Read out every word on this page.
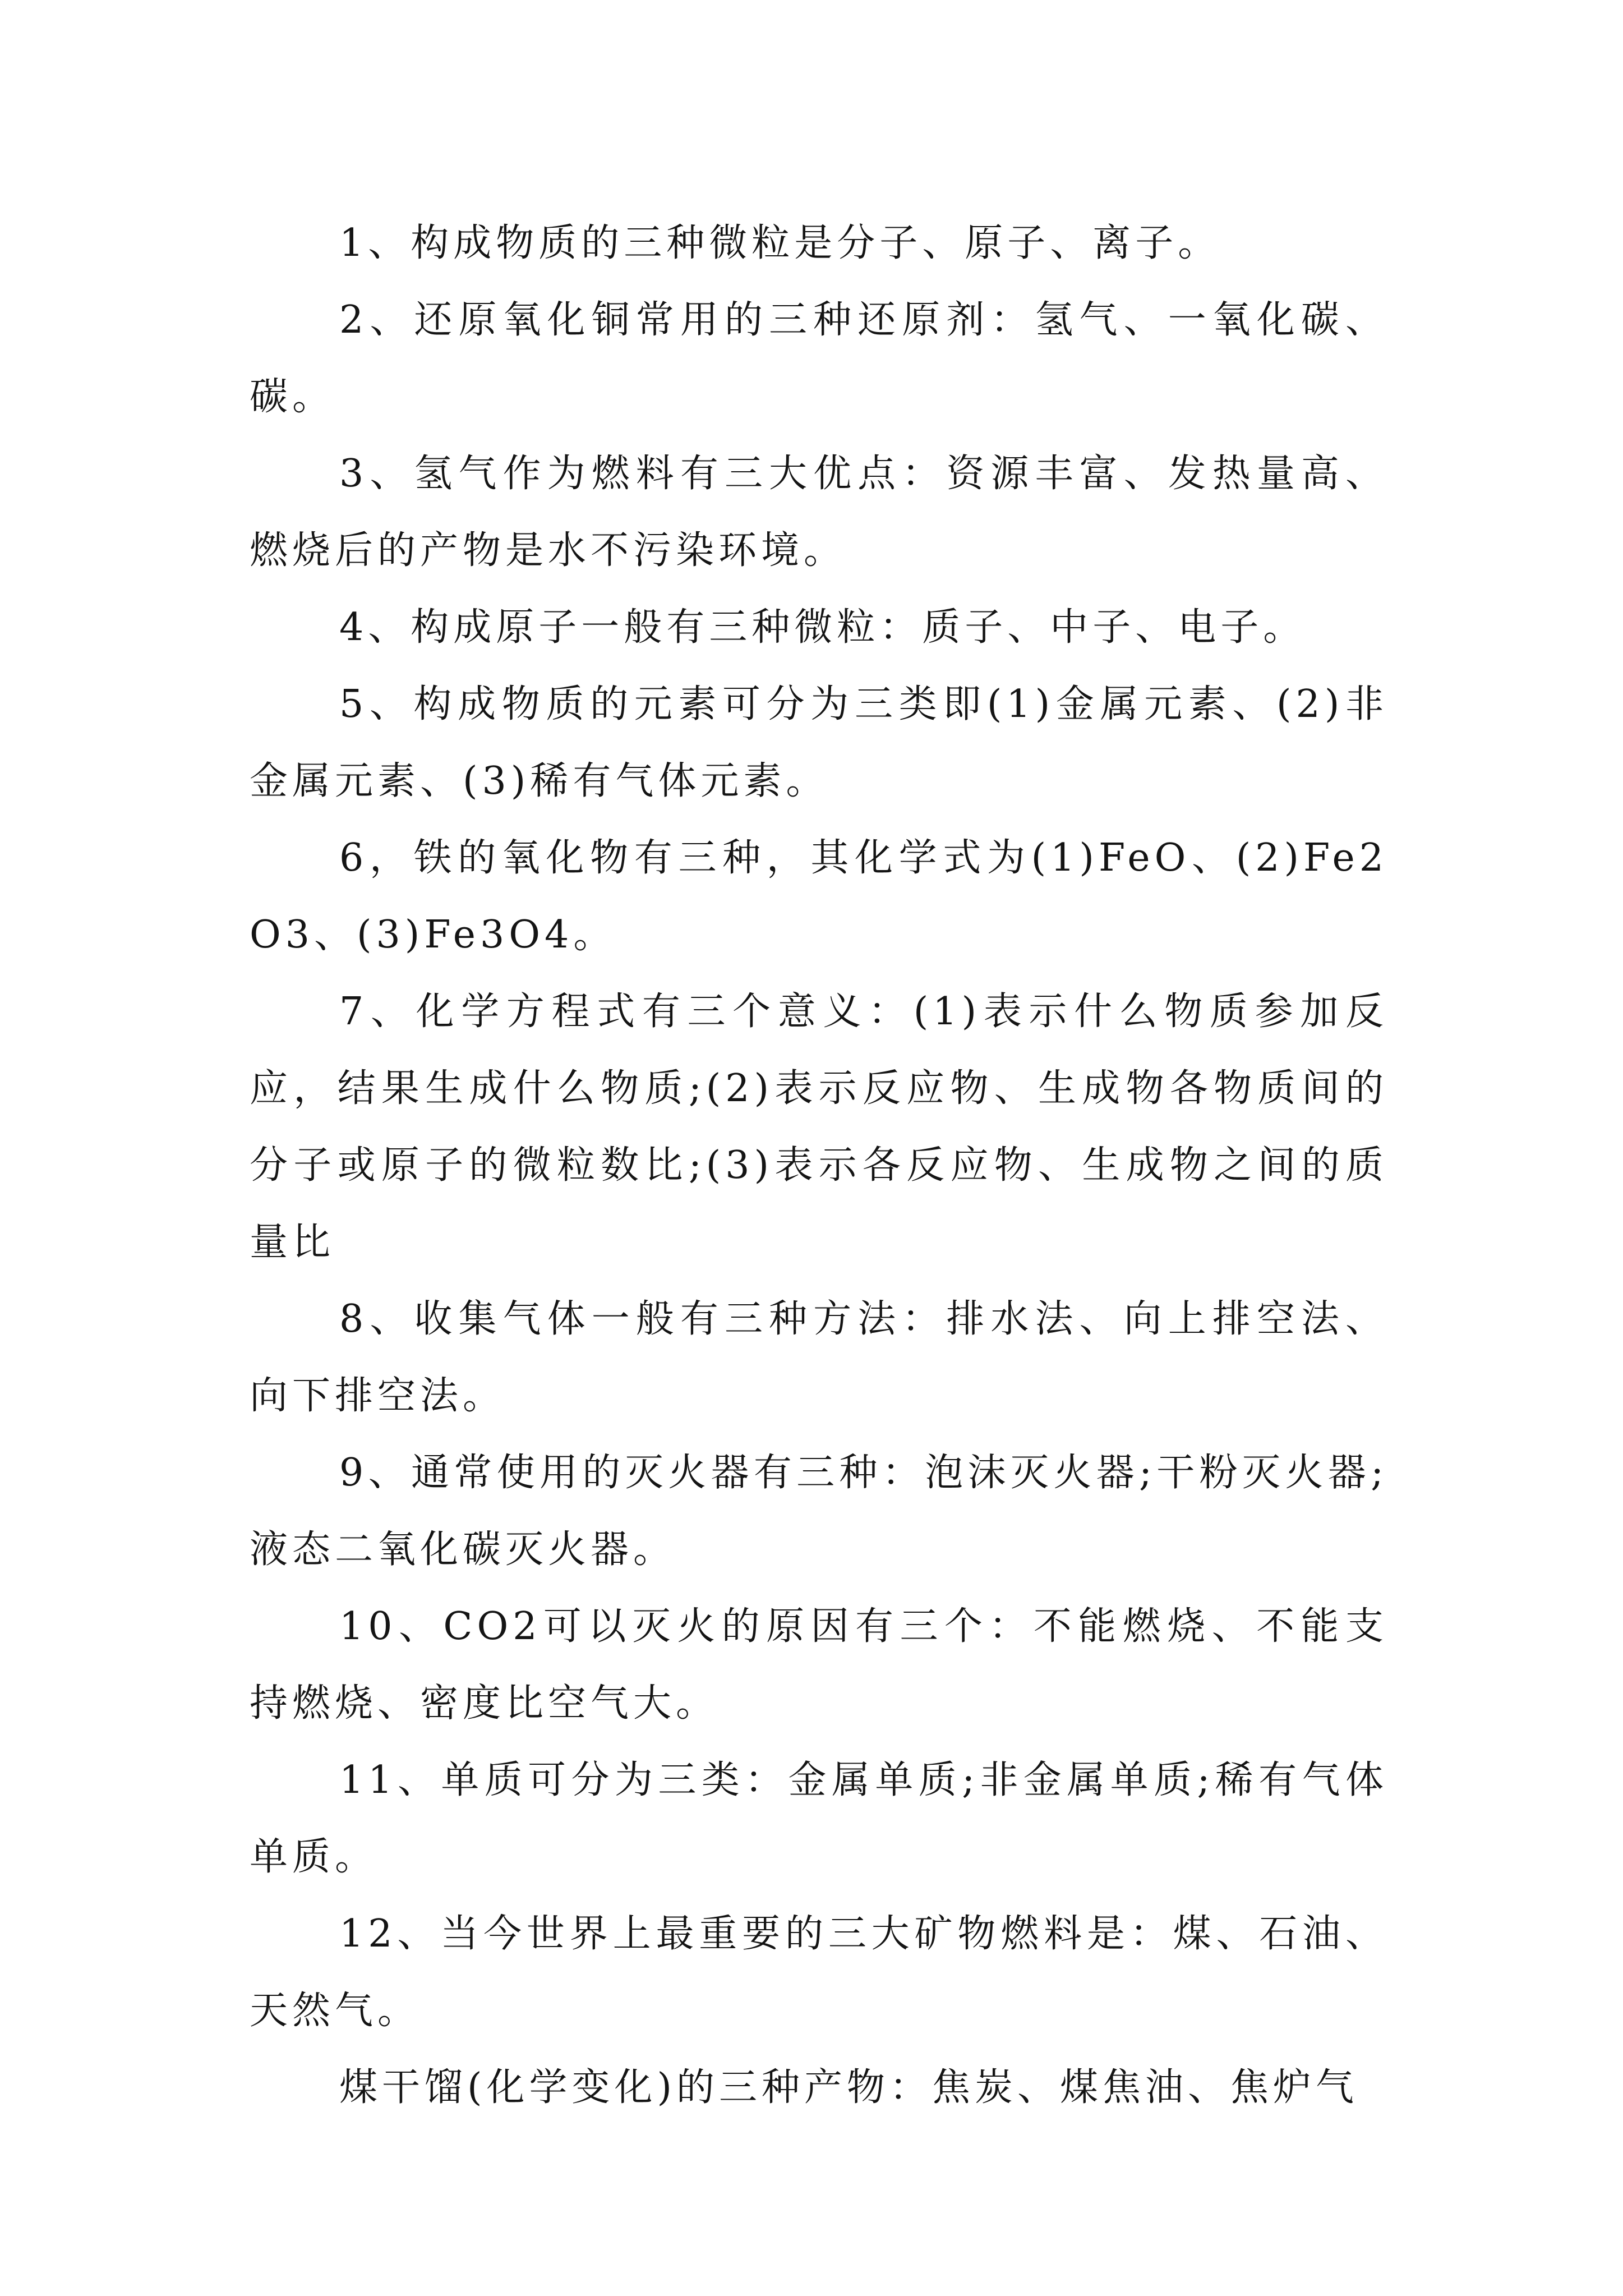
1、构成物质的三种微粒是分子、原子、离子。

2、还原氧化铜常用的三种还原剂：氢气、一氧化碳、碳。

3、氢气作为燃料有三大优点：资源丰富、发热量高、燃烧后的产物是水不污染环境。

4、构成原子一般有三种微粒：质子、中子、电子。

5、构成物质的元素可分为三类即(1)金属元素、(2)非金属元素、(3)稀有气体元素。

6，铁的氧化物有三种，其化学式为(1)FeO、(2)Fe2O3、(3)Fe3O4。

7、化学方程式有三个意义：(1)表示什么物质参加反应，结果生成什么物质;(2)表示反应物、生成物各物质间的分子或原子的微粒数比;(3)表示各反应物、生成物之间的质量比

8、收集气体一般有三种方法：排水法、向上排空法、向下排空法。

9、通常使用的灭火器有三种：泡沫灭火器;干粉灭火器;液态二氧化碳灭火器。

10、CO2可以灭火的原因有三个：不能燃烧、不能支持燃烧、密度比空气大。

11、单质可分为三类：金属单质;非金属单质;稀有气体单质。

12、当今世界上最重要的三大矿物燃料是：煤、石油、天然气。

煤干馏(化学变化)的三种产物：焦炭、煤焦油、焦炉气
